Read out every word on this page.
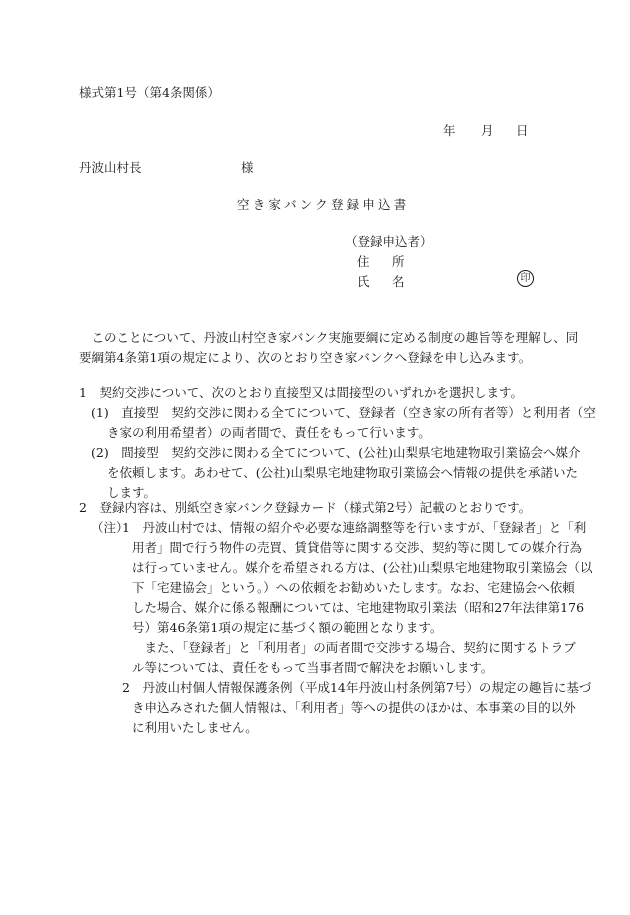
様式第1号（第4条関係）
年 月 日
丹波山村長	様
空き家バンク登録申込書
（登録申込者）
住　所
氏　名	印
　このことについて、丹波山村空き家バンク実施要綱に定める制度の趣旨等を理解し、同
要綱第4条第1項の規定により、次のとおり空き家バンクへ登録を申し込みます。
1　契約交渉について、次のとおり直接型又は間接型のいずれかを選択します。
(1)　直接型　契約交渉に関わる全てについて、登録者（空き家の所有者等）と利用者（空
き家の利用希望者）の両者間で、責任をもって行います。
(2)　間接型　契約交渉に関わる全てについて、(公社)山梨県宅地建物取引業協会へ媒介
を依頼します。あわせて、(公社)山梨県宅地建物取引業協会へ情報の提供を承諾いた
します。
2　登録内容は、別紙空き家バンク登録カード（様式第2号）記載のとおりです。
（注）
1　丹波山村では、情報の紹介や必要な連絡調整等を行いますが、「登録者」と「利
用者」間で行う物件の売買、賃貸借等に関する交渉、契約等に関しての媒介行為
は行っていません。媒介を希望される方は、(公社)山梨県宅地建物取引業協会（以
下「宅建協会」という。）への依頼をお勧めいたします。なお、宅建協会へ依頼
した場合、媒介に係る報酬については、宅地建物取引業法（昭和27年法律第176
号）第46条第1項の規定に基づく額の範囲となります。
　また、「登録者」と「利用者」の両者間で交渉する場合、契約に関するトラブ
ル等については、責任をもって当事者間で解決をお願いします。
2　丹波山村個人情報保護条例（平成14年丹波山村条例第7号）の規定の趣旨に基づ
き申込みされた個人情報は、「利用者」等への提供のほかは、本事業の目的以外
に利用いたしません。
